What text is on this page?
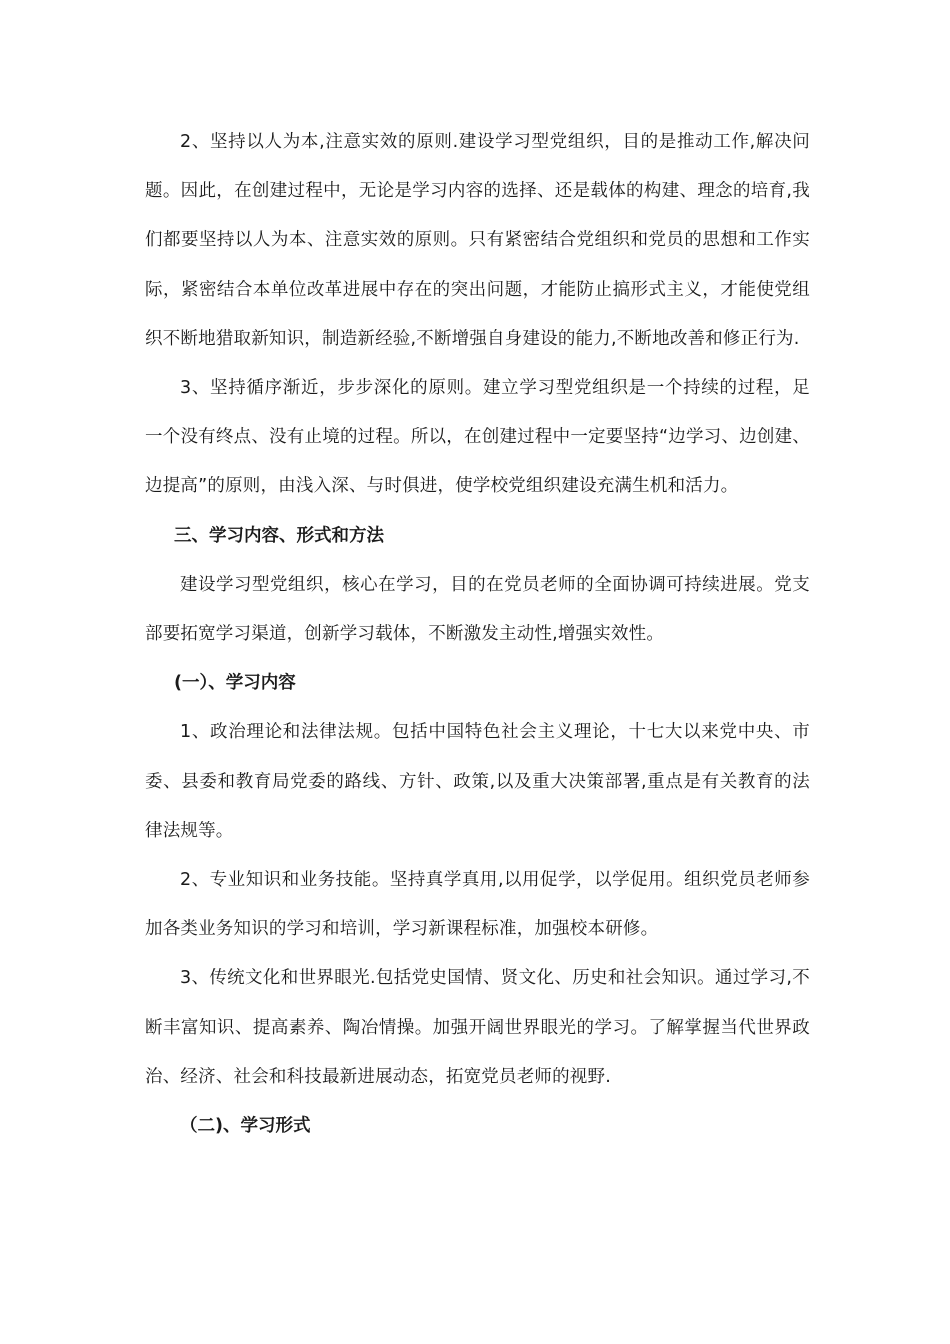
2、坚持以人为本,注意实效的原则.建设学习型党组织，目的是推动工作,解决问题。因此，在创建过程中，无论是学习内容的选择、还是载体的构建、理念的培育,我们都要坚持以人为本、注意实效的原则。只有紧密结合党组织和党员的思想和工作实际，紧密结合本单位改革进展中存在的突出问题，才能防止搞形式主义，才能使党组织不断地猎取新知识，制造新经验,不断增强自身建设的能力,不断地改善和修正行为.

3、坚持循序渐近，步步深化的原则。建立学习型党组织是一个持续的过程，足一个没有终点、没有止境的过程。所以，在创建过程中一定要坚持“边学习、边创建、边提高”的原则，由浅入深、与时俱进，使学校党组织建设充满生机和活力。

三、学习内容、形式和方法

建设学习型党组织，核心在学习，目的在党员老师的全面协调可持续进展。党支部要拓宽学习渠道，创新学习载体，不断激发主动性,增强实效性。

(一）、学习内容

1、政治理论和法律法规。包括中国特色社会主义理论，十七大以来党中央、市委、县委和教育局党委的路线、方针、政策,以及重大决策部署,重点是有关教育的法律法规等。

2、专业知识和业务技能。坚持真学真用,以用促学，以学促用。组织党员老师参加各类业务知识的学习和培训，学习新课程标准，加强校本研修。

3、传统文化和世界眼光.包括党史国情、贤文化、历史和社会知识。通过学习,不断丰富知识、提高素养、陶冶情操。加强开阔世界眼光的学习。了解掌握当代世界政治、经济、社会和科技最新进展动态，拓宽党员老师的视野.

（二)、学习形式
